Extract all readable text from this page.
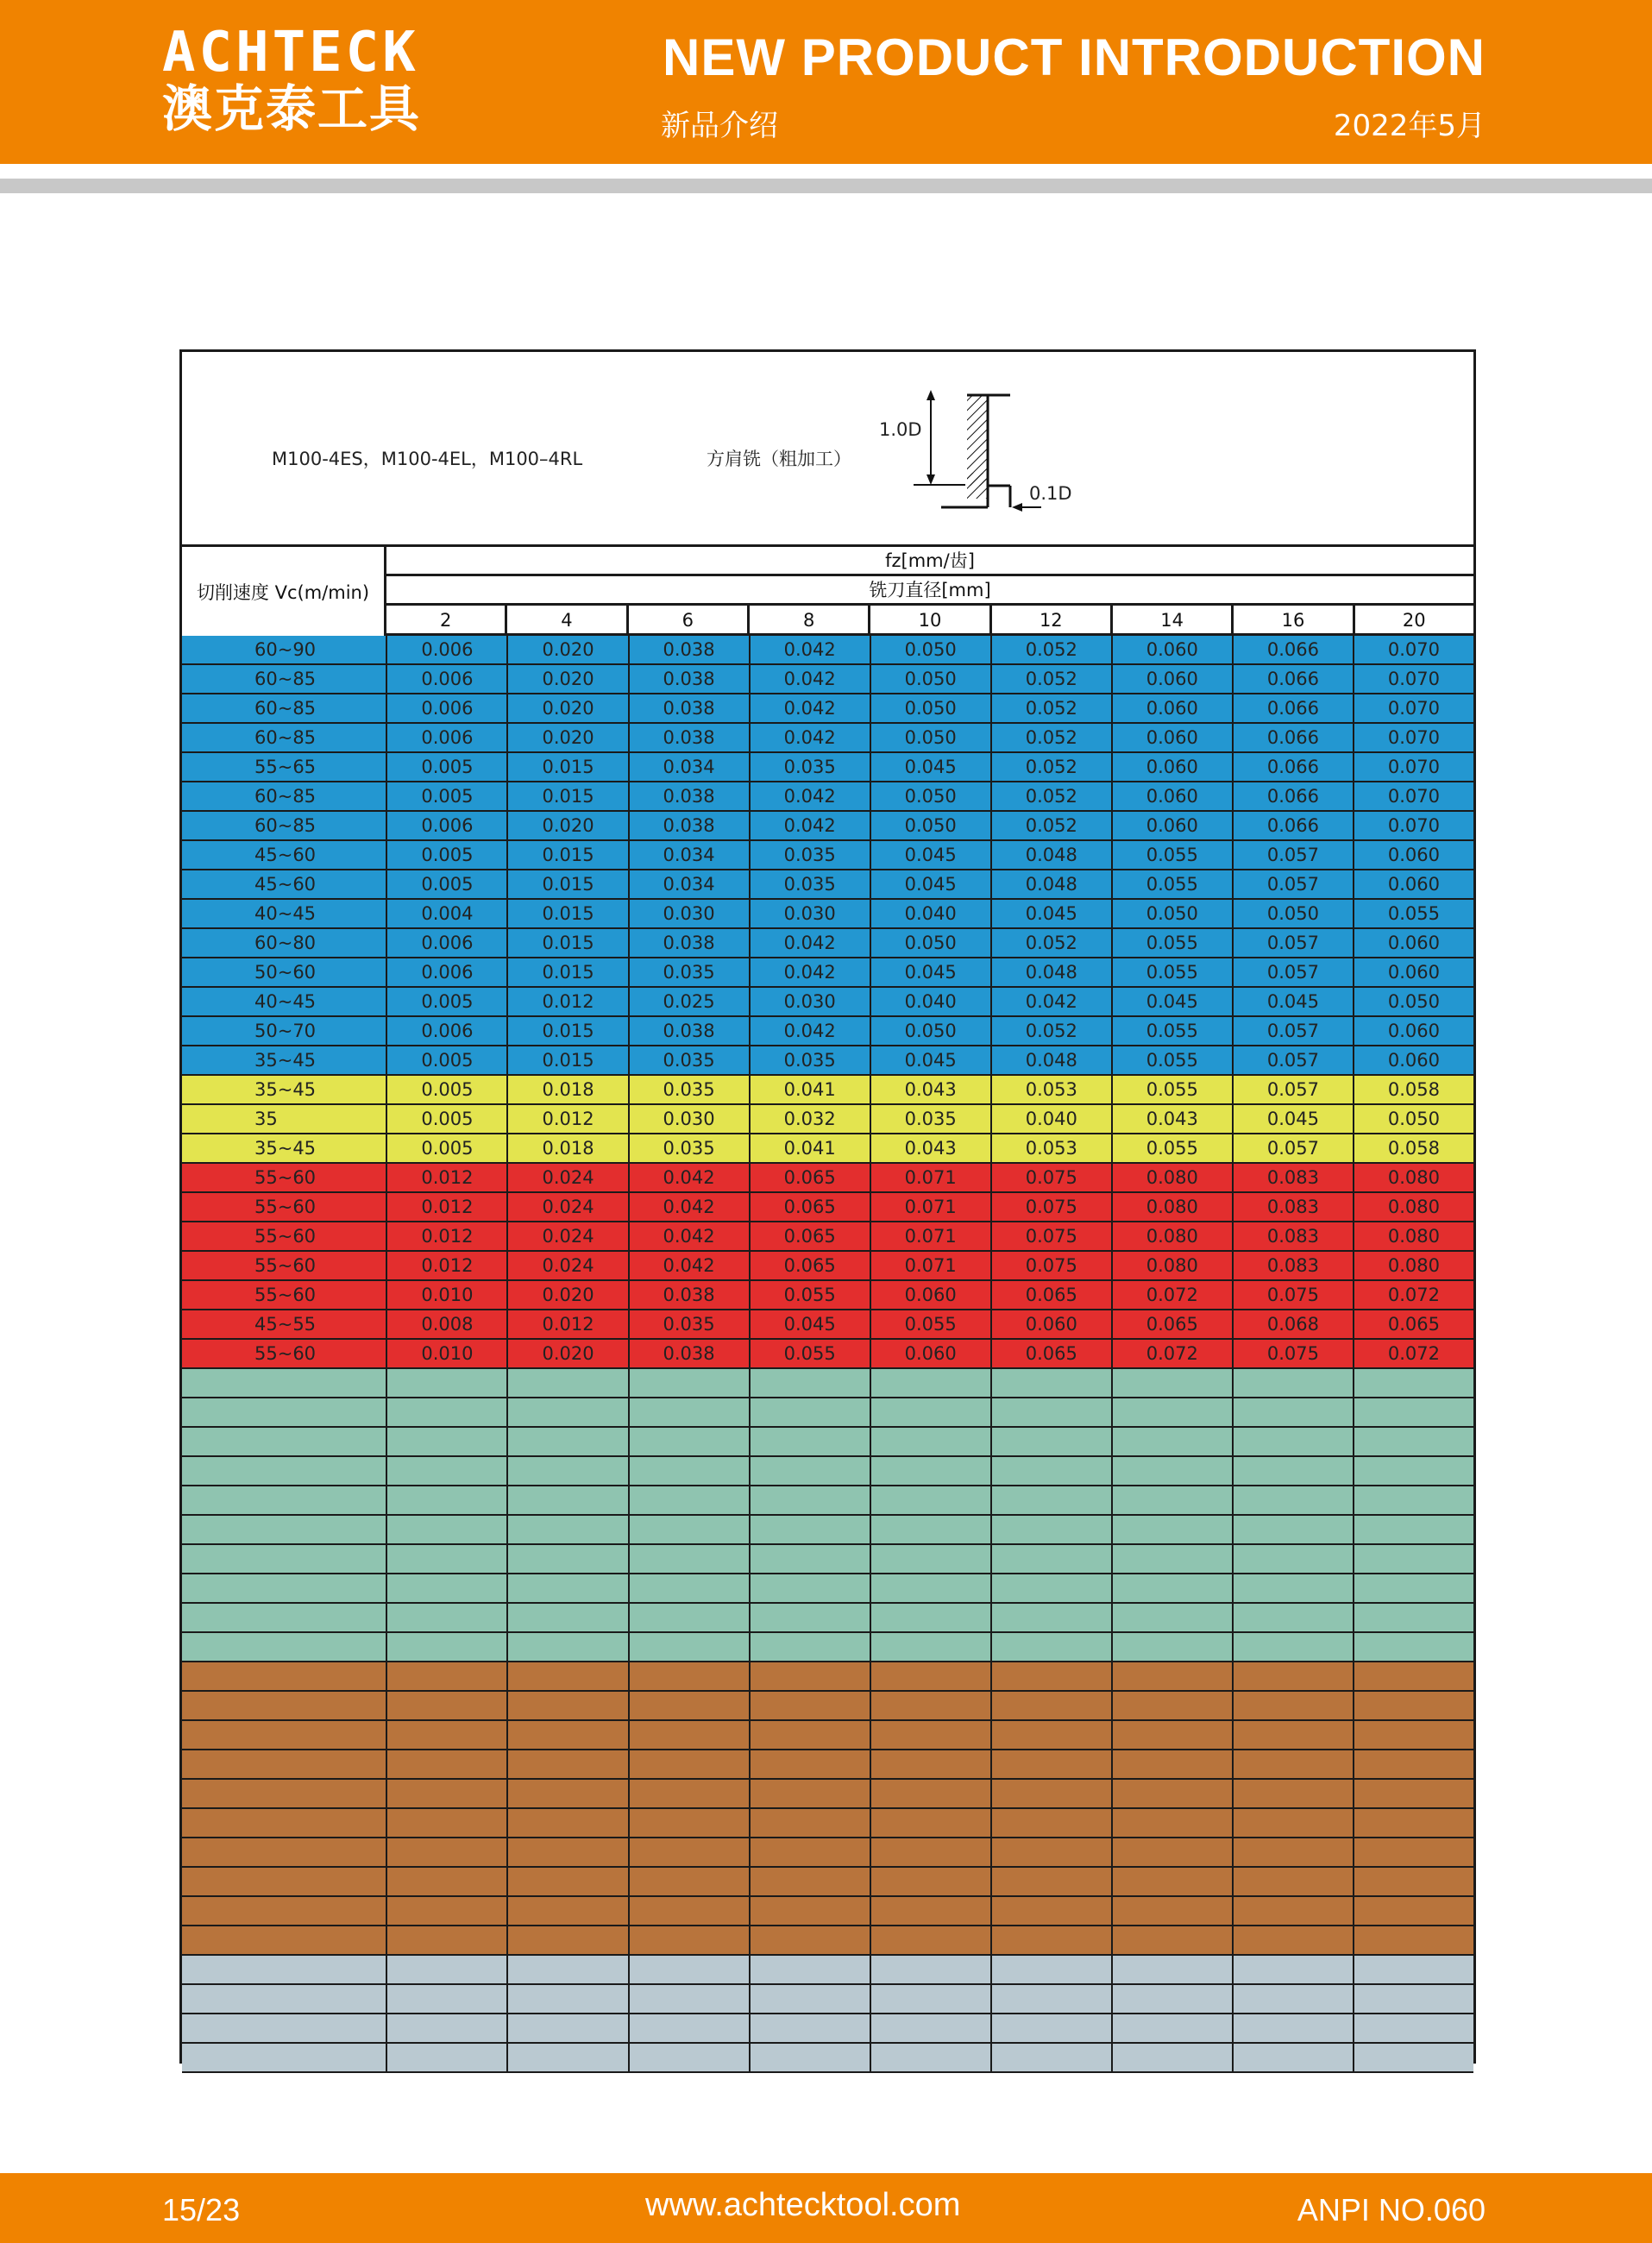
ACHTECK
澳克泰工具
NEW PRODUCT INTRODUCTION
新品介绍	2022年5月
M100-4ES，M100-4EL，M100–4RL	方肩铣（粗加工）
1.0D
0.1D
切削速度 Vc(m/min)
fz[mm/齿]
铣刀直径[mm]
2	4	6	8	10	12	14	16	20
60~90	0.006	0.020	0.038	0.042	0.050	0.052	0.060	0.066	0.070
60~85	0.006	0.020	0.038	0.042	0.050	0.052	0.060	0.066	0.070
60~85	0.006	0.020	0.038	0.042	0.050	0.052	0.060	0.066	0.070
60~85	0.006	0.020	0.038	0.042	0.050	0.052	0.060	0.066	0.070
55~65	0.005	0.015	0.034	0.035	0.045	0.052	0.060	0.066	0.070
60~85	0.005	0.015	0.038	0.042	0.050	0.052	0.060	0.066	0.070
60~85	0.006	0.020	0.038	0.042	0.050	0.052	0.060	0.066	0.070
45~60	0.005	0.015	0.034	0.035	0.045	0.048	0.055	0.057	0.060
45~60	0.005	0.015	0.034	0.035	0.045	0.048	0.055	0.057	0.060
40~45	0.004	0.015	0.030	0.030	0.040	0.045	0.050	0.050	0.055
60~80	0.006	0.015	0.038	0.042	0.050	0.052	0.055	0.057	0.060
50~60	0.006	0.015	0.035	0.042	0.045	0.048	0.055	0.057	0.060
40~45	0.005	0.012	0.025	0.030	0.040	0.042	0.045	0.045	0.050
50~70	0.006	0.015	0.038	0.042	0.050	0.052	0.055	0.057	0.060
35~45	0.005	0.015	0.035	0.035	0.045	0.048	0.055	0.057	0.060
35~45	0.005	0.018	0.035	0.041	0.043	0.053	0.055	0.057	0.058
35	0.005	0.012	0.030	0.032	0.035	0.040	0.043	0.045	0.050
35~45	0.005	0.018	0.035	0.041	0.043	0.053	0.055	0.057	0.058
55~60	0.012	0.024	0.042	0.065	0.071	0.075	0.080	0.083	0.080
55~60	0.012	0.024	0.042	0.065	0.071	0.075	0.080	0.083	0.080
55~60	0.012	0.024	0.042	0.065	0.071	0.075	0.080	0.083	0.080
55~60	0.012	0.024	0.042	0.065	0.071	0.075	0.080	0.083	0.080
55~60	0.010	0.020	0.038	0.055	0.060	0.065	0.072	0.075	0.072
45~55	0.008	0.012	0.035	0.045	0.055	0.060	0.065	0.068	0.065
55~60	0.010	0.020	0.038	0.055	0.060	0.065	0.072	0.075	0.072
15/23	www.achtecktool.com	ANPI NO.060
